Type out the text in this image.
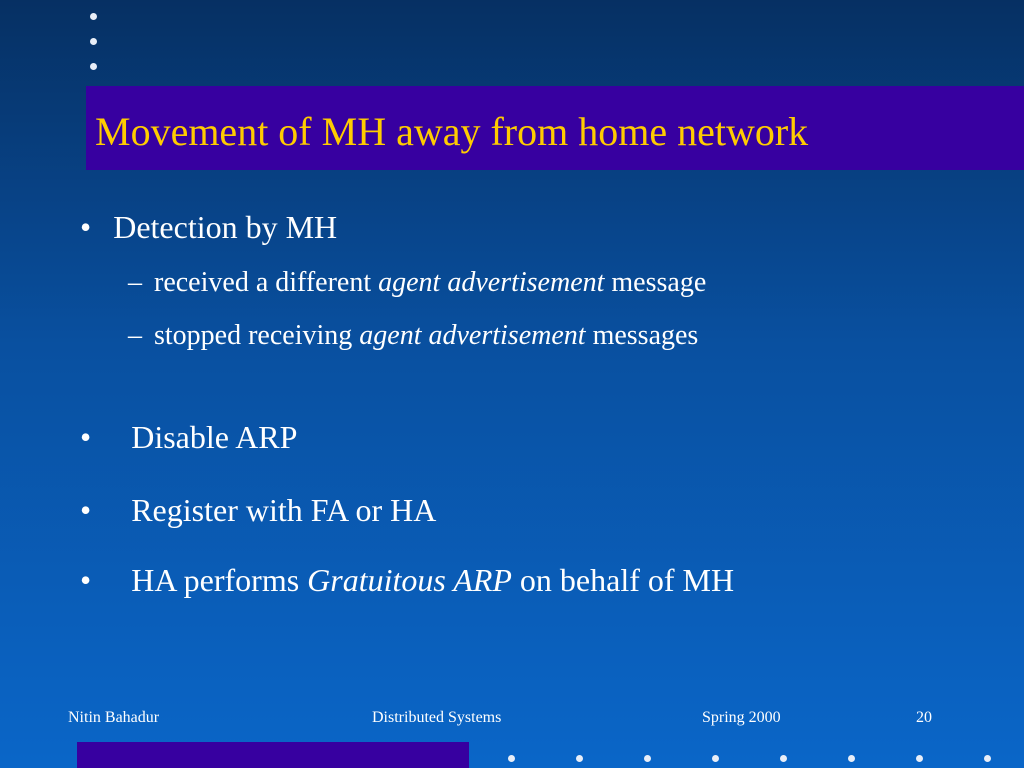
Movement of MH away from home network
• Detection by MH
– received a different agent advertisement message
– stopped receiving agent advertisement messages
• Disable ARP
• Register with FA or HA
• HA performs Gratuitous ARP on behalf of MH
Nitin Bahadur	Distributed Systems	Spring 2000	20
